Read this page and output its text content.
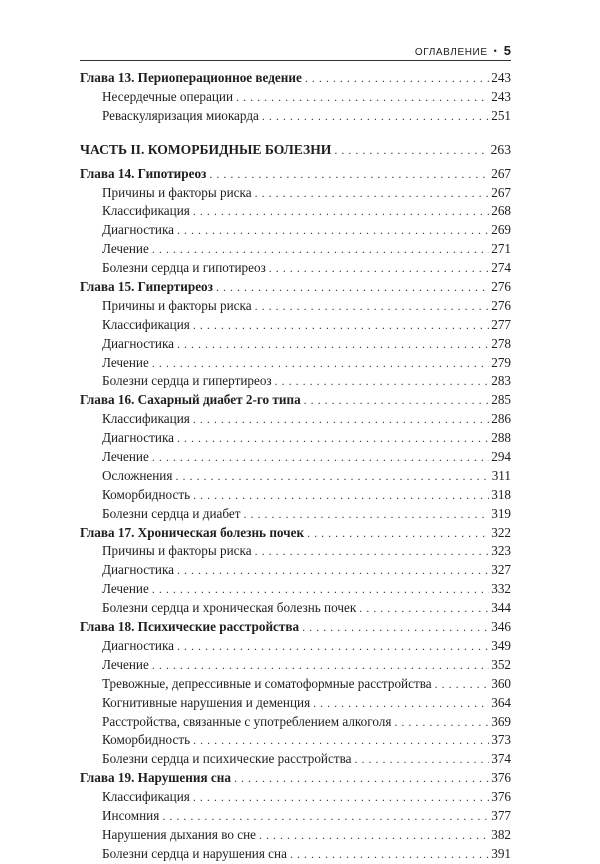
ОГЛАВЛЕНИЕ • 5
Глава 13. Периоперационное ведение . . .	243
Несердечные операции . . .	243
Реваскуляризация миокарда . . .	251
ЧАСТЬ II. КОМОРБИДНЫЕ БОЛЕЗНИ . . .	263
Глава 14. Гипотиреоз . . .	267
Причины и факторы риска . . .	267
Классификация . . .	268
Диагностика . . .	269
Лечение . . .	271
Болезни сердца и гипотиреоз . . .	274
Глава 15. Гипертиреоз . . .	276
Причины и факторы риска . . .	276
Классификация . . .	277
Диагностика . . .	278
Лечение . . .	279
Болезни сердца и гипертиреоз . . .	283
Глава 16. Сахарный диабет 2-го типа . . .	285
Классификация . . .	286
Диагностика . . .	288
Лечение . . .	294
Осложнения . . .	311
Коморбидность . . .	318
Болезни сердца и диабет . . .	319
Глава 17. Хроническая болезнь почек . . .	322
Причины и факторы риска . . .	323
Диагностика . . .	327
Лечение . . .	332
Болезни сердца и хроническая болезнь почек . . .	344
Глава 18. Психические расстройства . . .	346
Диагностика . . .	349
Лечение . . .	352
Тревожные, депрессивные и соматоформные расстройства . . .	360
Когнитивные нарушения и деменция . . .	364
Расстройства, связанные с употреблением алкоголя . . .	369
Коморбидность . . .	373
Болезни сердца и психические расстройства . . .	374
Глава 19. Нарушения сна . . .	376
Классификация . . .	376
Инсомния . . .	377
Нарушения дыхания во сне . . .	382
Болезни сердца и нарушения сна . . .	391
